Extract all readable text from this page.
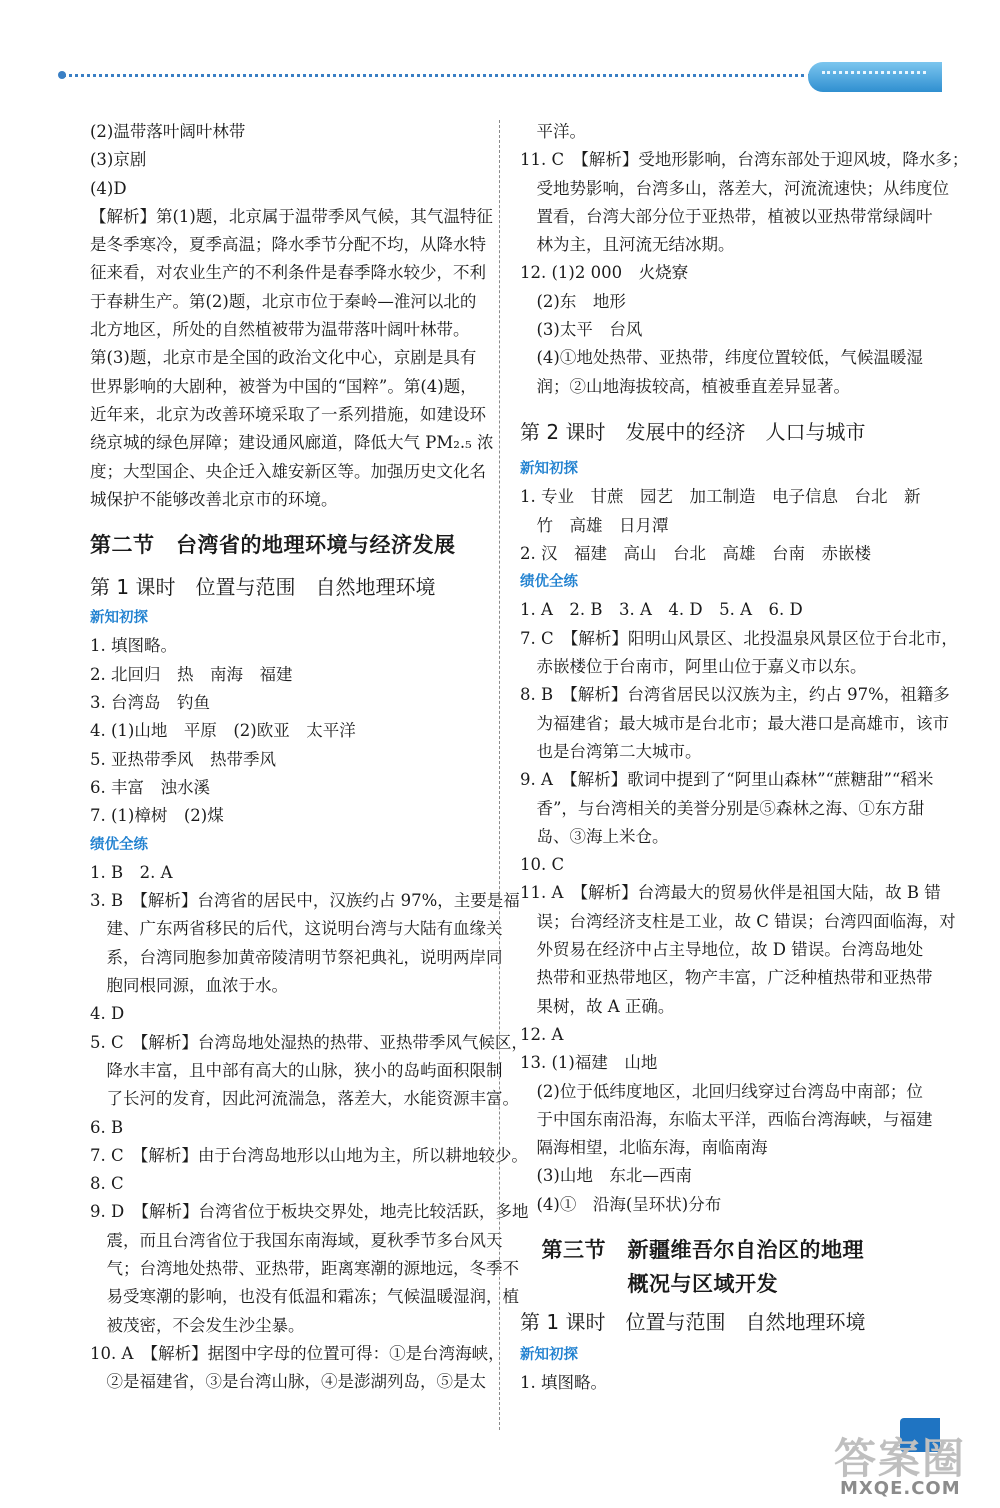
(2)温带落叶阔叶林带
(3)京剧
(4)D
【解析】第(1)题，北京属于温带季风气候，其气温特征
是冬季寒冷，夏季高温；降水季节分配不均，从降水特
征来看，对农业生产的不利条件是春季降水较少，不利
于春耕生产。第(2)题，北京市位于秦岭—淮河以北的
北方地区，所处的自然植被带为温带落叶阔叶林带。
第(3)题，北京市是全国的政治文化中心，京剧是具有
世界影响的大剧种，被誉为中国的“国粹”。第(4)题，
近年来，北京为改善环境采取了一系列措施，如建设环
绕京城的绿色屏障；建设通风廊道，降低大气 PM₂.₅ 浓
度；大型国企、央企迁入雄安新区等。加强历史文化名
城保护不能够改善北京市的环境。
第二节　台湾省的地理环境与经济发展
第 1 课时　位置与范围　自然地理环境
新知初探
1. 填图略。
2. 北回归　热　南海　福建
3. 台湾岛　钓鱼
4. (1)山地　平原　(2)欧亚　太平洋
5. 亚热带季风　热带季风
6. 丰富　浊水溪
7. (1)樟树　(2)煤
绩优全练
1. B　2. A
3. B　【解析】台湾省的居民中，汉族约占 97%，主要是福
　建、广东两省移民的后代，这说明台湾与大陆有血缘关
　系，台湾同胞参加黄帝陵清明节祭祀典礼，说明两岸同
　胞同根同源，血浓于水。
4. D
5. C　【解析】台湾岛地处湿热的热带、亚热带季风气候区，
　降水丰富，且中部有高大的山脉，狭小的岛屿面积限制
　了长河的发育，因此河流湍急，落差大，水能资源丰富。
6. B
7. C　【解析】由于台湾岛地形以山地为主，所以耕地较少。
8. C
9. D　【解析】台湾省位于板块交界处，地壳比较活跃，多地
　震，而且台湾省位于我国东南海域，夏秋季节多台风天
　气；台湾地处热带、亚热带，距离寒潮的源地远，冬季不
　易受寒潮的影响，也没有低温和霜冻；气候温暖湿润，植
　被茂密，不会发生沙尘暴。
10. A　【解析】据图中字母的位置可得：①是台湾海峡，
　②是福建省，③是台湾山脉，④是澎湖列岛，⑤是太
　平洋。
11. C　【解析】受地形影响，台湾东部处于迎风坡，降水多；
　受地势影响，台湾多山，落差大，河流流速快；从纬度位
　置看，台湾大部分位于亚热带，植被以亚热带常绿阔叶
　林为主，且河流无结冰期。
12. (1)2 000　火烧寮
　(2)东　地形
　(3)太平　台风
　(4)①地处热带、亚热带，纬度位置较低，气候温暖湿
　润；②山地海拔较高，植被垂直差异显著。
第 2 课时　发展中的经济　人口与城市
新知初探
1. 专业　甘蔗　园艺　加工制造　电子信息　台北　新
　竹　高雄　日月潭
2. 汉　福建　高山　台北　高雄　台南　赤嵌楼
绩优全练
1. A　2. B　3. A　4. D　5. A　6. D
7. C　【解析】阳明山风景区、北投温泉风景区位于台北市，
　赤嵌楼位于台南市，阿里山位于嘉义市以东。
8. B　【解析】台湾省居民以汉族为主，约占 97%，祖籍多
　为福建省；最大城市是台北市；最大港口是高雄市，该市
　也是台湾第二大城市。
9. A　【解析】歌词中提到了“阿里山森林”“蔗糖甜”“稻米
　香”，与台湾相关的美誉分别是⑤森林之海、①东方甜
　岛、③海上米仓。
10. C
11. A　【解析】台湾最大的贸易伙伴是祖国大陆，故 B 错
　误；台湾经济支柱是工业，故 C 错误；台湾四面临海，对
　外贸易在经济中占主导地位，故 D 错误。台湾岛地处
　热带和亚热带地区，物产丰富，广泛种植热带和亚热带
　果树，故 A 正确。
12. A
13. (1)福建　山地
　(2)位于低纬度地区，北回归线穿过台湾岛中南部；位
　于中国东南沿海，东临太平洋，西临台湾海峡，与福建
　隔海相望，北临东海，南临南海
　(3)山地　东北—西南
　(4)①　沿海(呈环状)分布
　第三节　新疆维吾尔自治区的地理
　　　　　概况与区域开发
第 1 课时　位置与范围　自然地理环境
新知初探
1. 填图略。
答案圈
MXQE.COM
